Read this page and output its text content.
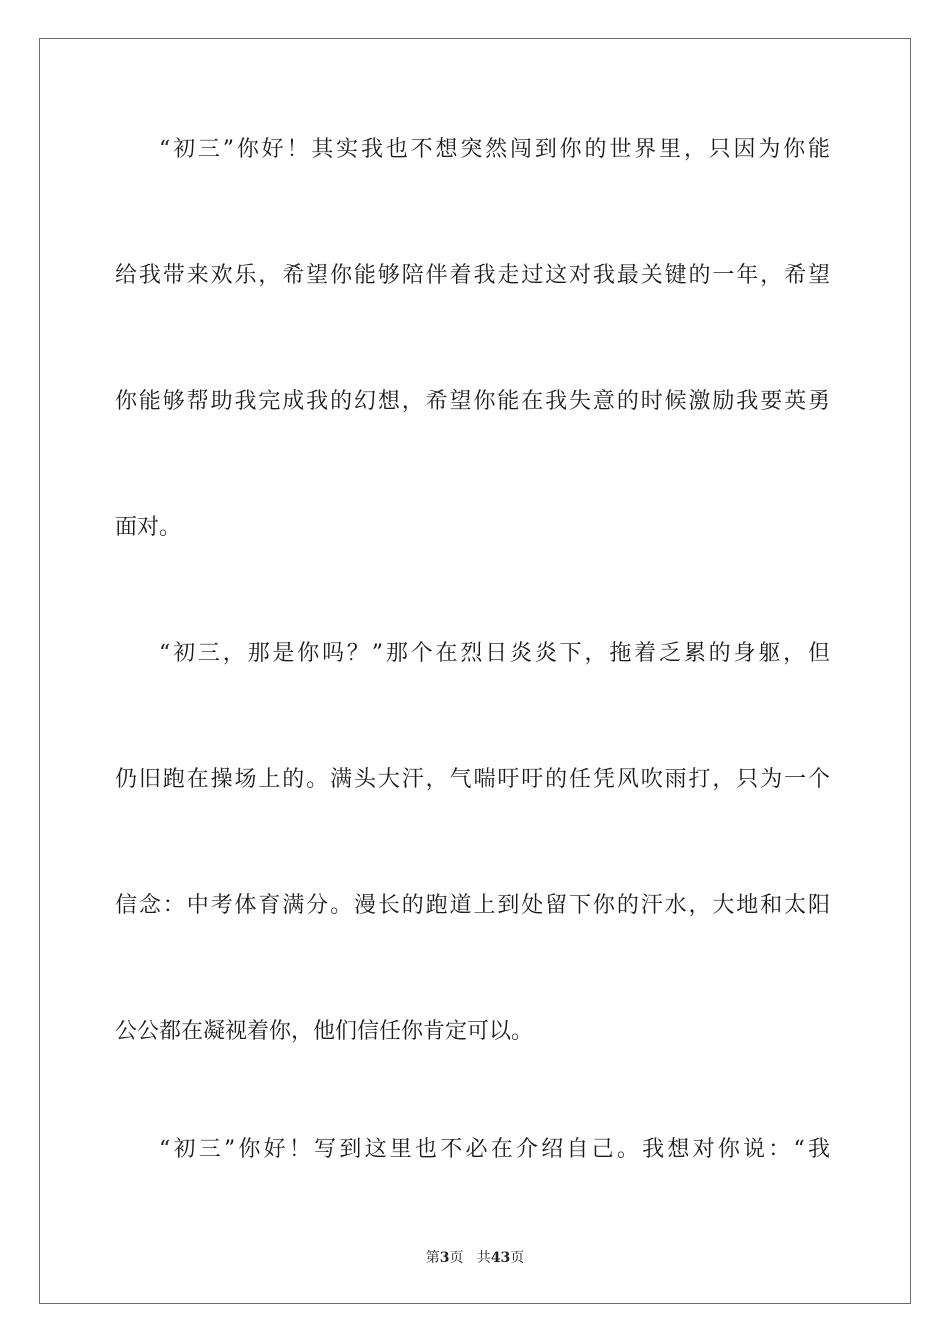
“初三”你好！其实我也不想突然闯到你的世界里，只因为你能
给我带来欢乐，希望你能够陪伴着我走过这对我最关键的一年，希望
你能够帮助我完成我的幻想，希望你能在我失意的时候激励我要英勇
面对。
“初三，那是你吗？”那个在烈日炎炎下，拖着乏累的身躯，但
仍旧跑在操场上的。满头大汗，气喘吁吁的任凭风吹雨打，只为一个
信念：中考体育满分。漫长的跑道上到处留下你的汗水，大地和太阳
公公都在凝视着你，他们信任你肯定可以。
“初三”你好！写到这里也不必在介绍自己。我想对你说：“我
第3页 共43页
